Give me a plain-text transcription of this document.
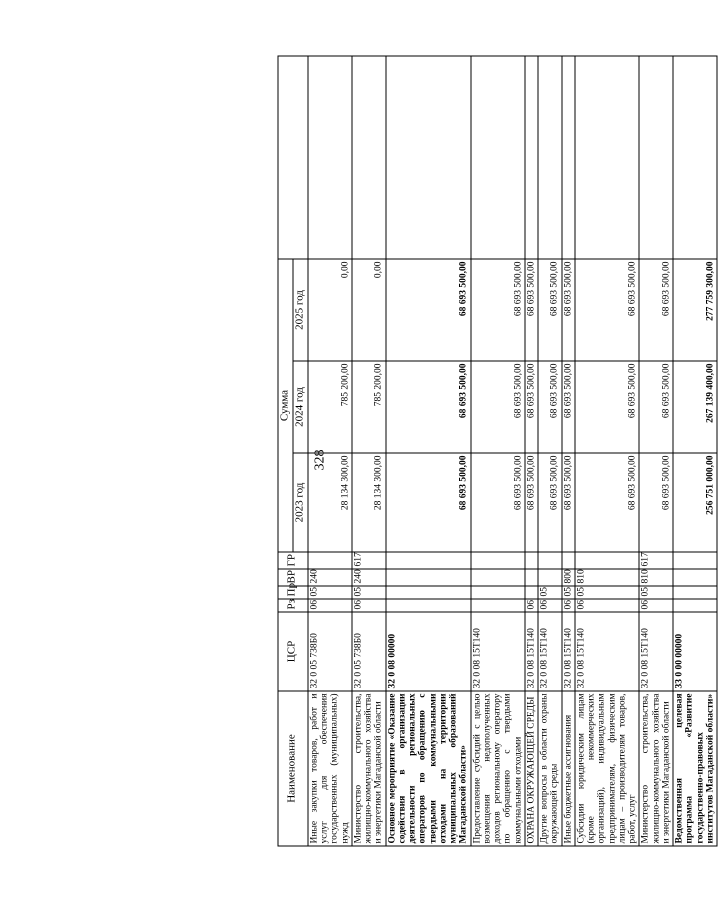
328
Наименование	ЦСР	Рз	Пр	ВР	ГР	Сумма			
						2023 год	2024 год	2025 год	
Иные закупки товаров, работ и услуг для обеспечения государственных (муниципальных) нужд	32 0 05 738Б0	06	05	240		28 134 300,00	785 200,00	0,00	
Министерство строительства, жилищно-коммунального хозяйства и энергетики Магаданской области	32 0 05 738Б0	06	05	240	617	28 134 300,00	785 200,00	0,00	
Основное мероприятие «Оказание содействия в организации деятельности региональных операторов по обращению с твердыми коммунальными отходами на территории муниципальных образований Магаданской области»	32 0 08 00000					68 693 500,00	68 693 500,00	68 693 500,00	
Предоставление субсидий с целью возмещения недополученных доходов региональному оператору по обращению с твердыми коммунальными отходами	32 0 08 15Т140					68 693 500,00	68 693 500,00	68 693 500,00	
ОХРАНА ОКРУЖАЮЩЕЙ СРЕДЫ	32 0 08 15Т140	06				68 693 500,00	68 693 500,00	68 693 500,00	
Другие вопросы в области охраны окружающей среды	32 0 08 15Т140	06	05			68 693 500,00	68 693 500,00	68 693 500,00	
Иные бюджетные ассигнования	32 0 08 15Т140	06	05	800		68 693 500,00	68 693 500,00	68 693 500,00	
Субсидии юридическим лицам (кроме некоммерческих организаций), индивидуальным предпринимателям, физическим лицам – производителям товаров, работ, услуг	32 0 08 15Т140	06	05	810		68 693 500,00	68 693 500,00	68 693 500,00	
Министерство строительства, жилищно-коммунального хозяйства и энергетики Магаданской области	32 0 08 15Т140	06	05	810	617	68 693 500,00	68 693 500,00	68 693 500,00	
Ведомственная целевая программа «Развитие государственно-правовых институтов Магаданской области»	33 0 00 00000					256 751 000,00	267 139 400,00	277 759 300,00	
